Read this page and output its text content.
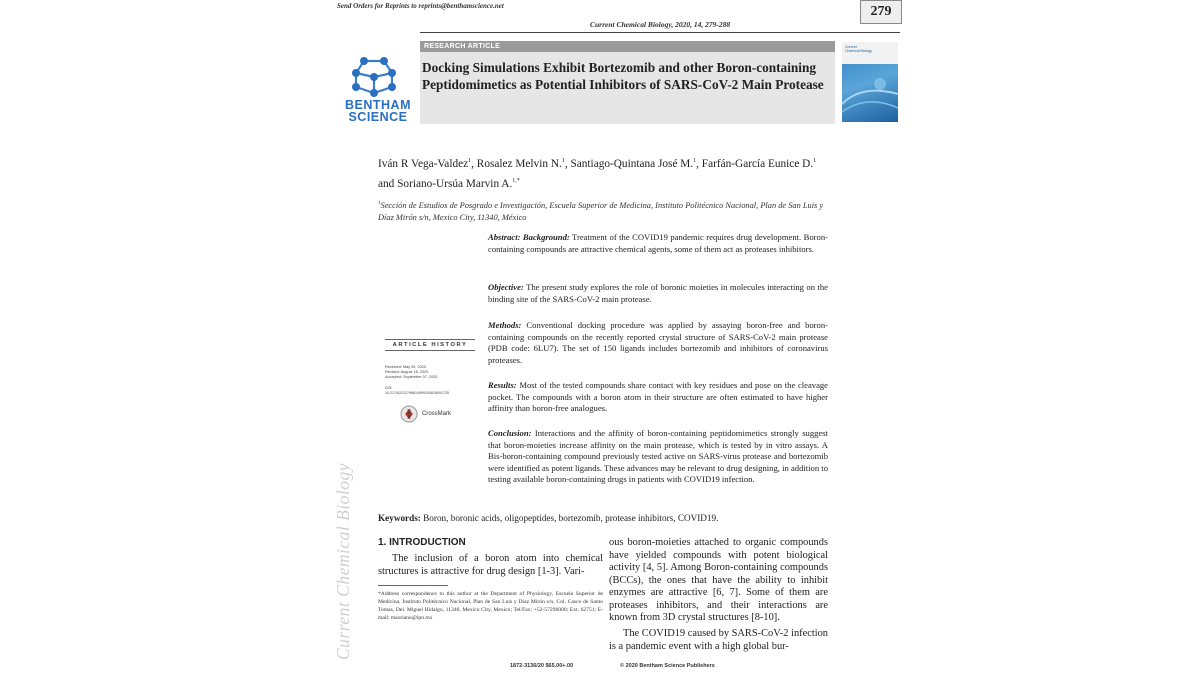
Send Orders for Reprints to reprints@benthamscience.net	279
Current Chemical Biology, 2020, 14, 279-288
BENTHAM SCIENCE
RESEARCH ARTICLE
Docking Simulations Exhibit Bortezomib and other Boron-containing Peptidomimetics as Potential Inhibitors of SARS-CoV-2 Main Protease
Current
Chemical Biology
Iván R Vega-Valdez$^1$, Rosalez Melvin N.$^1$, Santiago-Quintana José M.$^1$, Farfán-García Eunice D.$^1$ and Soriano-Ursúa Marvin A.$^{1,*}$
$^1$Sección de Estudios de Posgrado e Investigación, Escuela Superior de Medicina, Instituto Politécnico Nacional, Plan de San Luis y Díaz Mirón s/n, Mexico City, 11340, México
Abstract: Background: Treatment of the COVID19 pandemic requires drug development. Boron- containing compounds are attractive chemical agents, some of them act as proteases inhibitors.
Objective: The present study explores the role of boronic moieties in molecules interacting on the binding site of the SARS-CoV-2 main protease.
Methods: Conventional docking procedure was applied by assaying boron-free and boron-containing compounds on the recently reported crystal structure of SARS-CoV-2 main protease (PDB code: 6LU7). The set of 150 ligands includes bortezomib and inhibitors of coronavirus proteases.
Results: Most of the tested compounds share contact with key residues and pose on the cleavage pocket. The compounds with a boron atom in their structure are often estimated to have higher affinity than boron-free analogues.
Conclusion: Interactions and the affinity of boron-containing peptidomimetics strongly suggest that boron-moieties increase affinity on the main protease, which is tested by in vitro assays. A Bis-boron-containing compound previously tested active on SARS-virus protease and bortezomib were identified as potent ligands. These advances may be relevant to drug designing, in addition to testing available boron-containing drugs in patients with COVID19 infection.
ARTICLE HISTORY
Received: May 30, 2020
Revised: August 18, 2020
Accepted: September 07, 2020
DOI:
10.2174/2212796814999200818091735
CrossMark
Keywords: Boron, boronic acids, oligopeptides, bortezomib, protease inhibitors, COVID19.
1. INTRODUCTION
The inclusion of a boron atom into chemical structures is attractive for drug design [1-3]. Vari-
ous boron-moieties attached to organic compounds have yielded compounds with potent biological activity [4, 5]. Among Boron-containing compounds (BCCs), the ones that have the ability to inhibit enzymes are attractive [6, 7]. Some of them are proteases inhibitors, and their interactions are known from 3D crystal structures [8-10].
The COVID19 caused by SARS-CoV-2 infection is a pandemic event with a high global bur-
*Address correspondence to this author at the Department of Physiology, Escuela Superior de Medicina, Instituto Politécnico Nacional, Plan de San Luis y Díaz Mirón s/n, Col. Casco de Santo Tomas, Del. Miguel Hidalgo, 11340, Mexico City, Mexico; Tel/Fax: +52-57296000; Ext. 62751; E-mail: msoriano@ipn.mx
Current Chemical Biology
1872-3136/20 $65.00+.00	© 2020 Bentham Science Publishers
